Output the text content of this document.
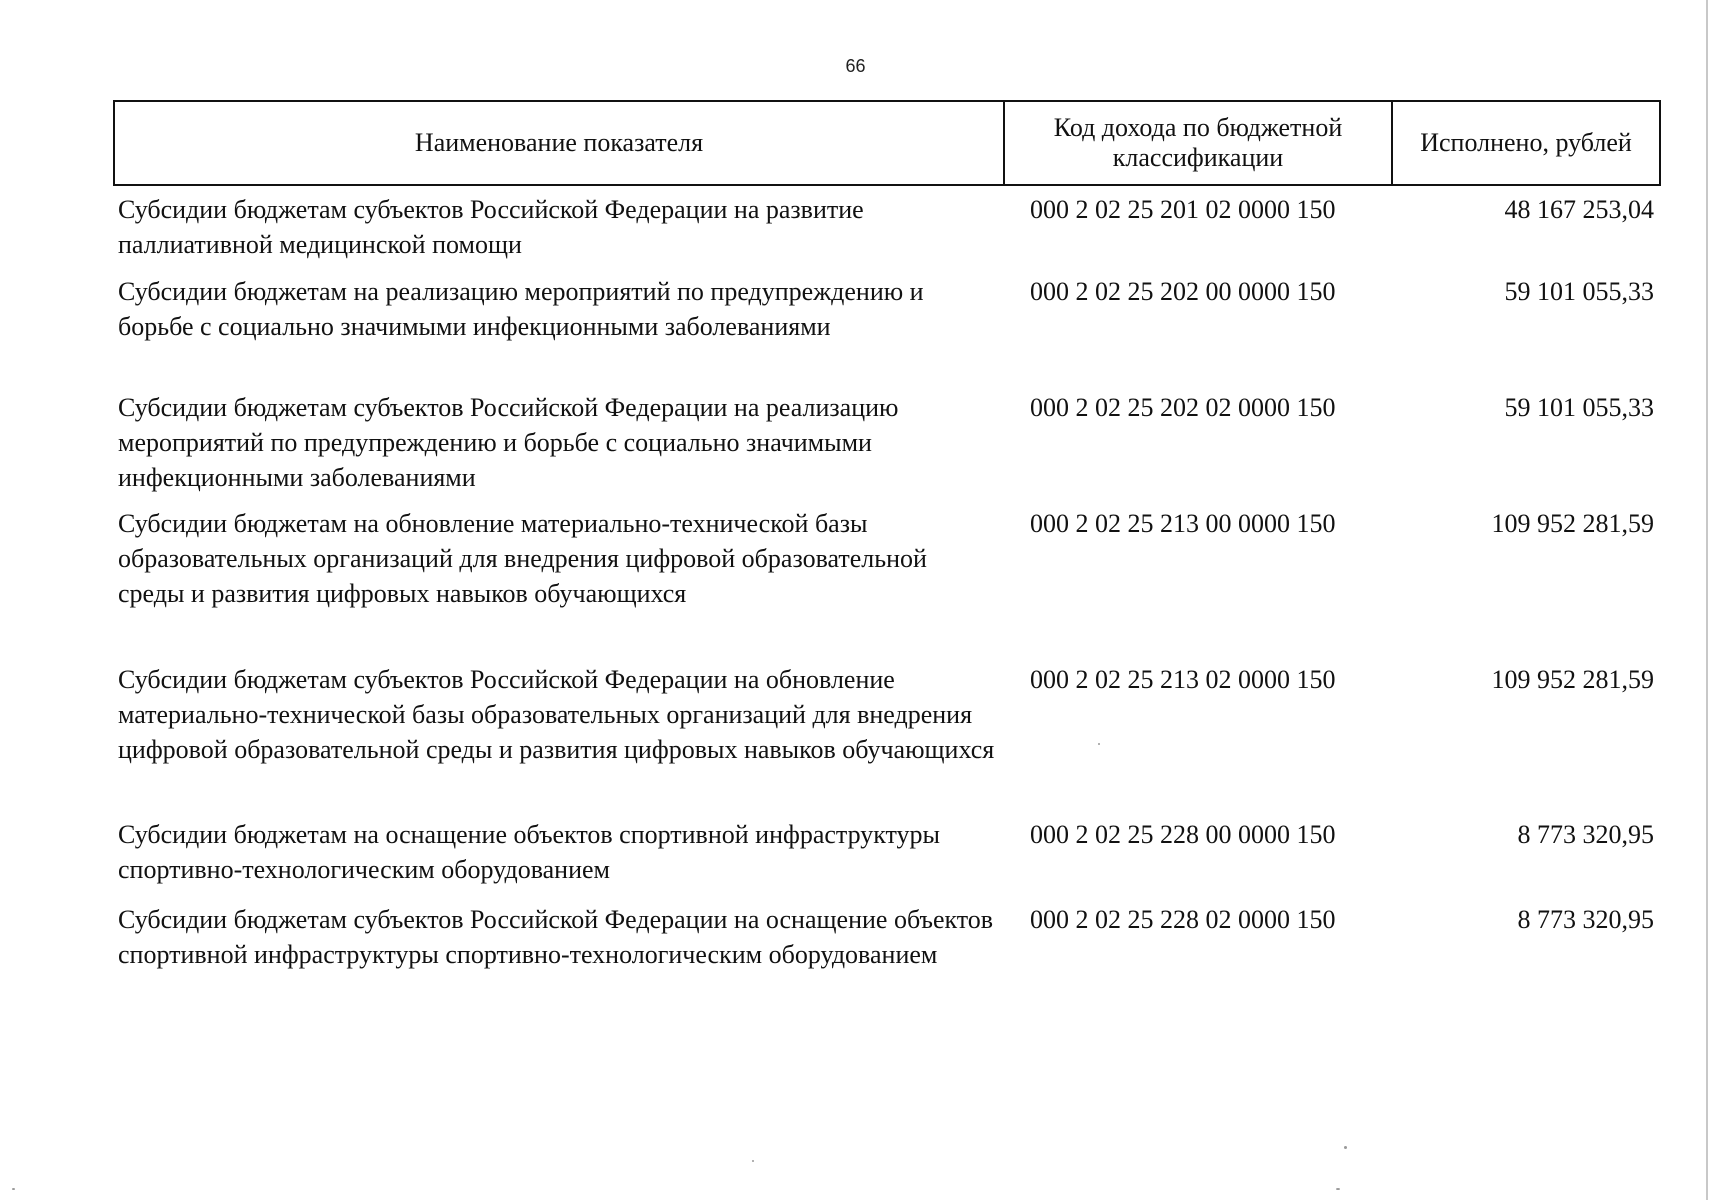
66
Наименование показателя	Код дохода по бюджетной классификации	Исполнено, рублей
Субсидии бюджетам субъектов Российской Федерации на развитие паллиативной медицинской помощи	000 2 02 25 201 02 0000 150	48 167 253,04
Субсидии бюджетам на реализацию мероприятий по предупреждению и борьбе с социально значимыми инфекционными заболеваниями	000 2 02 25 202 00 0000 150	59 101 055,33
Субсидии бюджетам субъектов Российской Федерации на реализацию мероприятий по предупреждению и борьбе с социально значимыми инфекционными заболеваниями	000 2 02 25 202 02 0000 150	59 101 055,33
Субсидии бюджетам на обновление материально-технической базы образовательных организаций для внедрения цифровой образовательной среды и развития цифровых навыков обучающихся	000 2 02 25 213 00 0000 150	109 952 281,59
Субсидии бюджетам субъектов Российской Федерации на обновление материально-технической базы образовательных организаций для внедрения цифровой образовательной среды и развития цифровых навыков обучающихся	000 2 02 25 213 02 0000 150	109 952 281,59
Субсидии бюджетам на оснащение объектов спортивной инфраструктуры спортивно-технологическим оборудованием	000 2 02 25 228 00 0000 150	8 773 320,95
Субсидии бюджетам субъектов Российской Федерации на оснащение объектов спортивной инфраструктуры спортивно-технологическим оборудованием	000 2 02 25 228 02 0000 150	8 773 320,95
